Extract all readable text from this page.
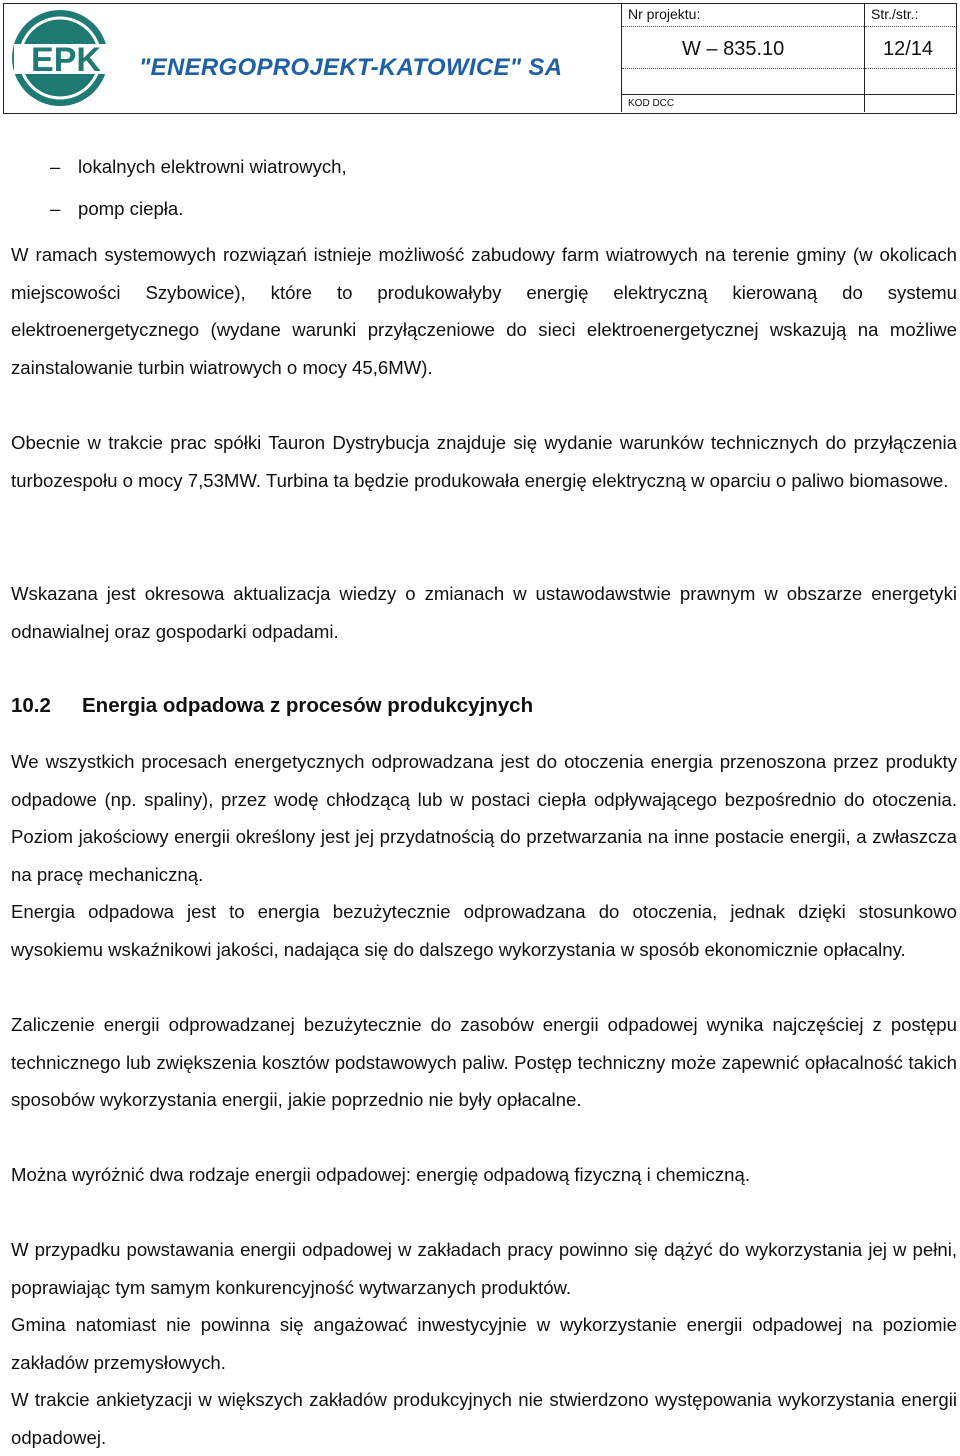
EPK "ENERGOPROJEKT-KATOWICE" SA
Nr projektu:
W – 835.10
KOD DCC
Str./str.:
12/14
– lokalnych elektrowni wiatrowych,
– pomp ciepła.

W ramach systemowych rozwiązań istnieje możliwość zabudowy farm wiatrowych na terenie gminy (w okolicach miejscowości Szybowice), które to produkowałyby energię elektryczną kierowaną do systemu elektroenergetycznego (wydane warunki przyłączeniowe do sieci elektroenergetycznej wskazują na możliwe zainstalowanie turbin wiatrowych o mocy 45,6MW).

Obecnie w trakcie prac spółki Tauron Dystrybucja znajduje się wydanie warunków technicznych do przyłączenia turbozespołu o mocy 7,53MW. Turbina ta będzie produkowała energię elektryczną w oparciu o paliwo biomasowe.

Wskazana jest okresowa aktualizacja wiedzy o zmianach w ustawodawstwie prawnym w obszarze energetyki odnawialnej oraz gospodarki odpadami.

10.2 Energia odpadowa z procesów produkcyjnych

We wszystkich procesach energetycznych odprowadzana jest do otoczenia energia przenoszona przez produkty odpadowe (np. spaliny), przez wodę chłodzącą lub w postaci ciepła odpływającego bezpośrednio do otoczenia. Poziom jakościowy energii określony jest jej przydatnością do przetwarzania na inne postacie energii, a zwłaszcza na pracę mechaniczną.

Energia odpadowa jest to energia bezużytecznie odprowadzana do otoczenia, jednak dzięki stosunkowo wysokiemu wskaźnikowi jakości, nadająca się do dalszego wykorzystania w sposób ekonomicznie opłacalny.

Zaliczenie energii odprowadzanej bezużytecznie do zasobów energii odpadowej wynika najczęściej z postępu technicznego lub zwiększenia kosztów podstawowych paliw. Postęp techniczny może zapewnić opłacalność takich sposobów wykorzystania energii, jakie poprzednio nie były opłacalne.

Można wyróżnić dwa rodzaje energii odpadowej: energię odpadową fizyczną i chemiczną.

W przypadku powstawania energii odpadowej w zakładach pracy powinno się dążyć do wykorzystania jej w pełni, poprawiając tym samym konkurencyjność wytwarzanych produktów.

Gmina natomiast nie powinna się angażować inwestycyjnie w wykorzystanie energii odpadowej na poziomie zakładów przemysłowych.

W trakcie ankietyzacji w większych zakładów produkcyjnych nie stwierdzono występowania wykorzystania energii odpadowej.
